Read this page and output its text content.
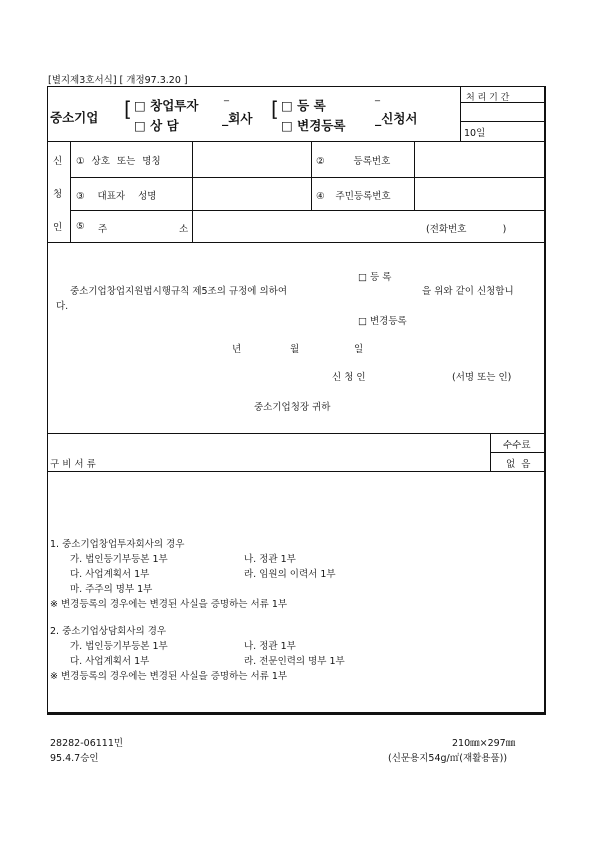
[별지제3호서식] [ 개정97.3.20 ]
중소기업 [ □ 창업투자
□ 상 담	_회사
_
[ □ 등 록
□ 변경등록
_
_신청서
처 리 기 간
10일
신
청
인
① 상호 또는 명칭	② 등록번호
③ 대표자 성명	④ 주민등록번호
⑤ 주	소	(전화번호            )
□ 등 록
중소기업창업지원법시행규칙 제5조의 규정에 의하여	을 위와 같이 신청합니
다.
□ 변경등록
년	월	일
신 청 인	(서명 또는 인)
중소기업청장 귀하
수수료
없  음
구 비 서 류
1. 중소기업창업투자회사의 경우
가. 법인등기부등본 1부	나. 정관 1부
다. 사업계획서 1부	라. 임원의 이력서 1부
마. 주주의 명부 1부
※ 변경등록의 경우에는 변경된 사실을 증명하는 서류 1부
2. 중소기업상담회사의 경우
가. 법인등기부등본 1부	나. 정관 1부
다. 사업계획서 1부	라. 전문인력의 명부 1부
※ 변경등록의 경우에는 변경된 사실을 증명하는 서류 1부
28282-06111민
95.4.7승인
210㎜×297㎜
(신문용지54g/㎡(재활용품))
